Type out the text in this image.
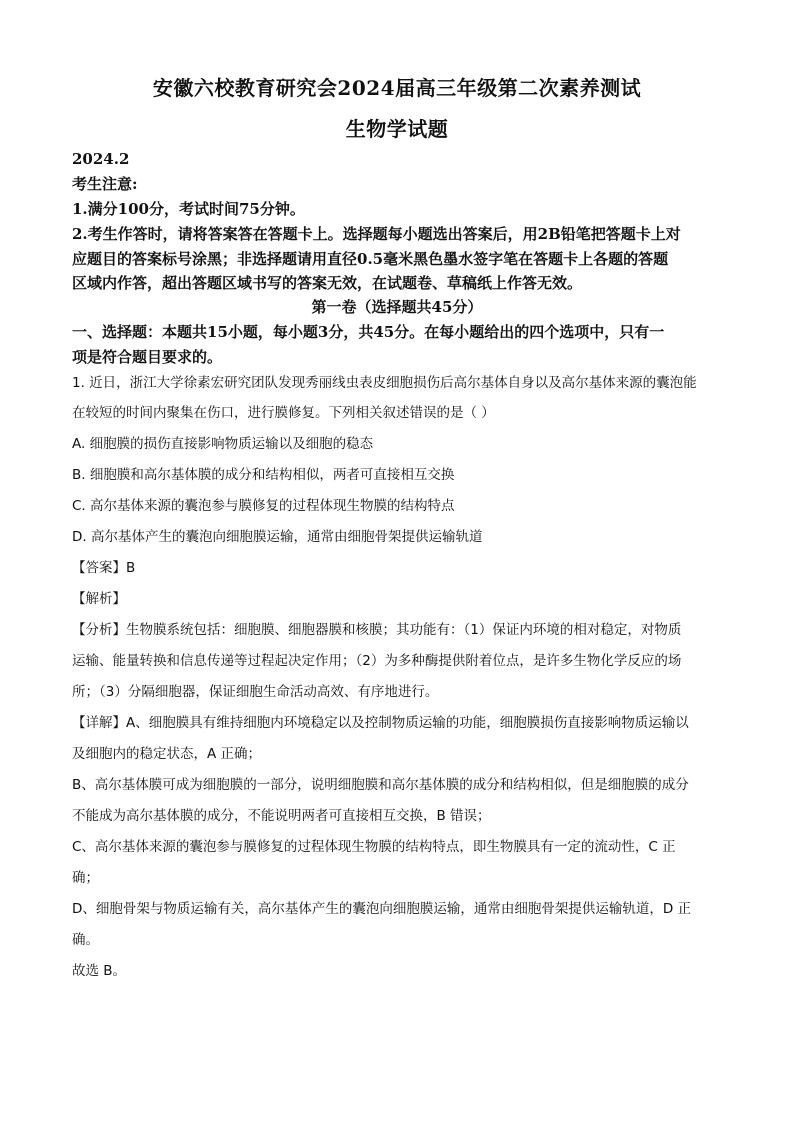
安徽六校教育研究会2024届高三年级第二次素养测试
生物学试题
2024.2
考生注意:
1.满分100分，考试时间75分钟。
2.考生作答时，请将答案答在答题卡上。选择题每小题选出答案后，用2B铅笔把答题卡上对
应题目的答案标号涂黑；非选择题请用直径0.5毫米黑色墨水签字笔在答题卡上各题的答题
区域内作答，超出答题区域书写的答案无效，在试题卷、草稿纸上作答无效。
第一卷（选择题共45分）
一、选择题：本题共15小题，每小题3分，共45分。在每小题给出的四个选项中，只有一
项是符合题目要求的。
1. 近日，浙江大学徐素宏研究团队发现秀丽线虫表皮细胞损伤后高尔基体自身以及高尔基体来源的囊泡能
在较短的时间内聚集在伤口，进行膜修复。下列相关叙述错误的是（ ）
A. 细胞膜的损伤直接影响物质运输以及细胞的稳态
B. 细胞膜和高尔基体膜的成分和结构相似，两者可直接相互交换
C. 高尔基体来源的囊泡参与膜修复的过程体现生物膜的结构特点
D. 高尔基体产生的囊泡向细胞膜运输，通常由细胞骨架提供运输轨道
【答案】B
【解析】
【分析】生物膜系统包括：细胞膜、细胞器膜和核膜；其功能有：（1）保证内环境的相对稳定，对物质
运输、能量转换和信息传递等过程起决定作用；（2）为多种酶提供附着位点，是许多生物化学反应的场
所；（3）分隔细胞器，保证细胞生命活动高效、有序地进行。
【详解】A、细胞膜具有维持细胞内环境稳定以及控制物质运输的功能，细胞膜损伤直接影响物质运输以
及细胞内的稳定状态，A 正确；
B、高尔基体膜可成为细胞膜的一部分，说明细胞膜和高尔基体膜的成分和结构相似，但是细胞膜的成分
不能成为高尔基体膜的成分，不能说明两者可直接相互交换，B 错误；
C、高尔基体来源的囊泡参与膜修复的过程体现生物膜的结构特点，即生物膜具有一定的流动性，C 正
确；
D、细胞骨架与物质运输有关，高尔基体产生的囊泡向细胞膜运输，通常由细胞骨架提供运输轨道，D 正
确。
故选 B。
